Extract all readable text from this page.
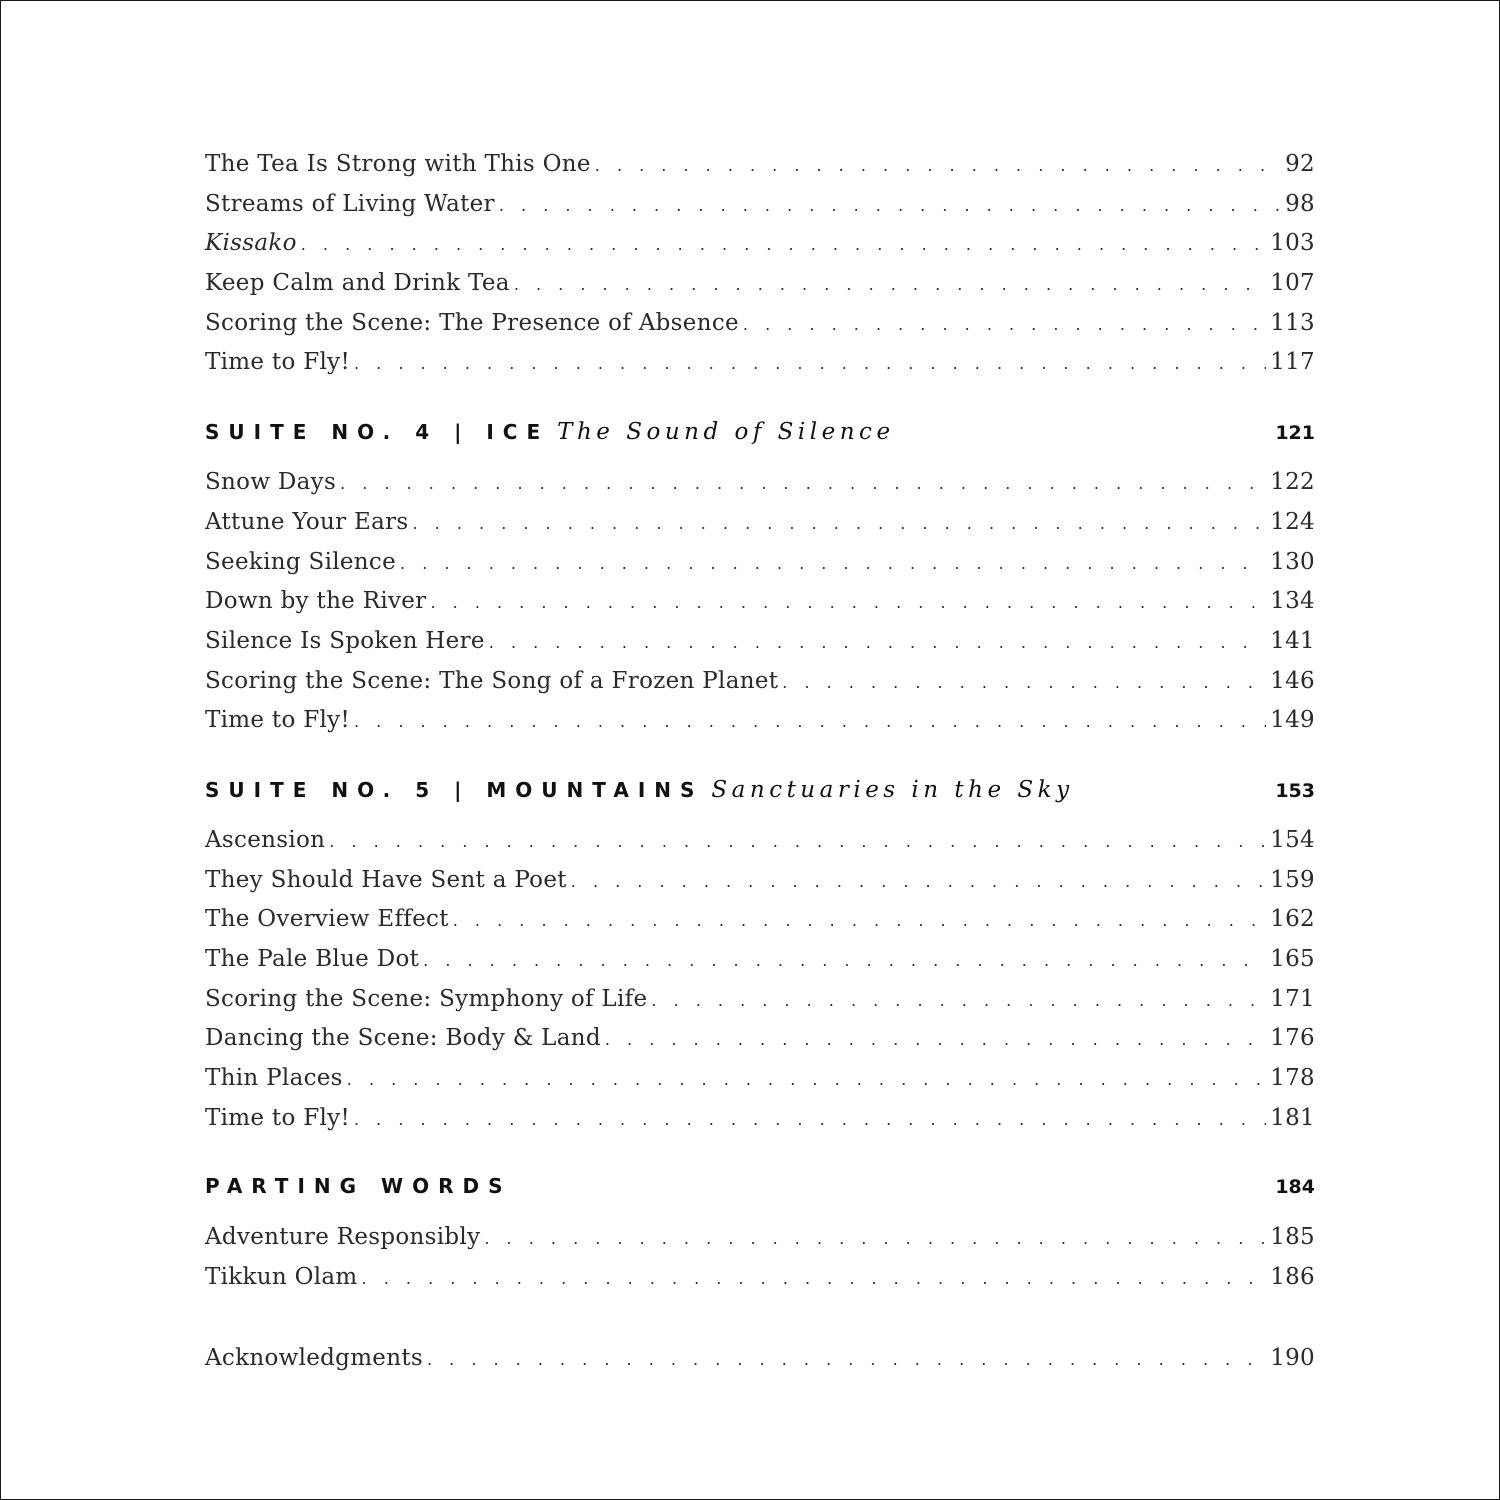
The Tea Is Strong with This One . . .	92
Streams of Living Water . . .	98
Kissako . . .	103
Keep Calm and Drink Tea . . .	107
Scoring the Scene: The Presence of Absence . . .	113
Time to Fly! . . .	117
SUITE NO. 4 | ICE The Sound of Silence	121
Snow Days . . .	122
Attune Your Ears . . .	124
Seeking Silence . . .	130
Down by the River . . .	134
Silence Is Spoken Here . . .	141
Scoring the Scene: The Song of a Frozen Planet . . .	146
Time to Fly! . . .	149
SUITE NO. 5 | MOUNTAINS Sanctuaries in the Sky	153
Ascension . . .	154
They Should Have Sent a Poet . . .	159
The Overview Effect . . .	162
The Pale Blue Dot . . .	165
Scoring the Scene: Symphony of Life . . .	171
Dancing the Scene: Body & Land . . .	176
Thin Places . . .	178
Time to Fly! . . .	181
PARTING WORDS	184
Adventure Responsibly . . .	185
Tikkun Olam . . .	186
Acknowledgments . . .	190
